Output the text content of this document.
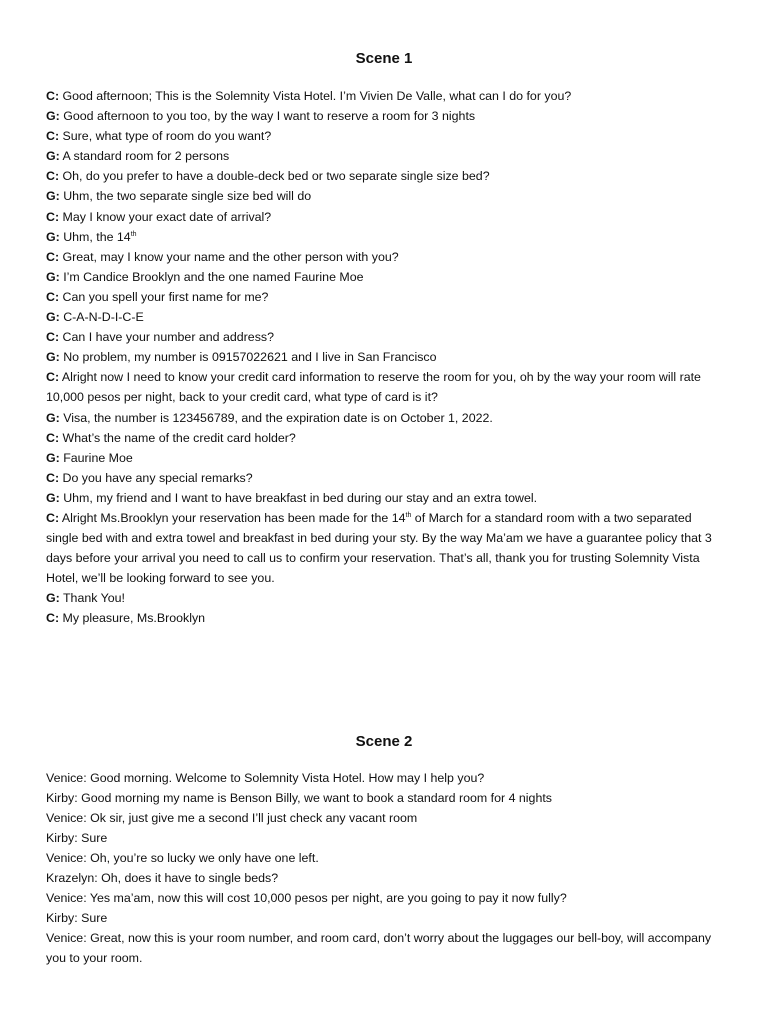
Scene 1

C: Good afternoon; This is the Solemnity Vista Hotel. I’m Vivien De Valle, what can I do for you?

G: Good afternoon to you too, by the way I want to reserve a room for 3 nights

C: Sure, what type of room do you want?

G: A standard room for 2 persons

C: Oh, do you prefer to have a double-deck bed or two separate single size bed?

G: Uhm, the two separate single size bed will do

C: May I know your exact date of arrival?

G: Uhm, the 14th

C: Great, may I know your name and the other person with you?

G: I’m Candice Brooklyn and the one named Faurine Moe

C: Can you spell your first name for me?

G: C-A-N-D-I-C-E

C: Can I have your number and address?

G: No problem, my number is 09157022621 and I live in San Francisco

C: Alright now I need to know your credit card information to reserve the room for you, oh by the way your room will rate 10,000 pesos per night, back to your credit card, what type of card is it?

G: Visa, the number is 123456789, and the expiration date is on October 1, 2022.

C: What’s the name of the credit card holder?

G: Faurine Moe

C: Do you have any special remarks?

G: Uhm, my friend and I want to have breakfast in bed during our stay and an extra towel.

C: Alright Ms.Brooklyn your reservation has been made for the 14th of March for a standard room with a two separated single bed with and extra towel and breakfast in bed during your sty. By the way Ma’am we have a guarantee policy that 3 days before your arrival you need to call us to confirm your reservation. That’s all, thank you for trusting Solemnity Vista Hotel, we’ll be looking forward to see you.

G: Thank You!

C: My pleasure, Ms.Brooklyn

Scene 2

Venice: Good morning. Welcome to Solemnity Vista Hotel. How may I help you?

Kirby: Good morning my name is Benson Billy, we want to book a standard room for 4 nights

Venice: Ok sir, just give me a second I’ll just check any vacant room

Kirby: Sure

Venice: Oh, you’re so lucky we only have one left.

Krazelyn: Oh, does it have to single beds?

Venice: Yes ma’am, now this will cost 10,000 pesos per night, are you going to pay it now fully?

Kirby: Sure

Venice: Great, now this is your room number, and room card, don’t worry about the luggages our bell-boy, will accompany you to your room.
